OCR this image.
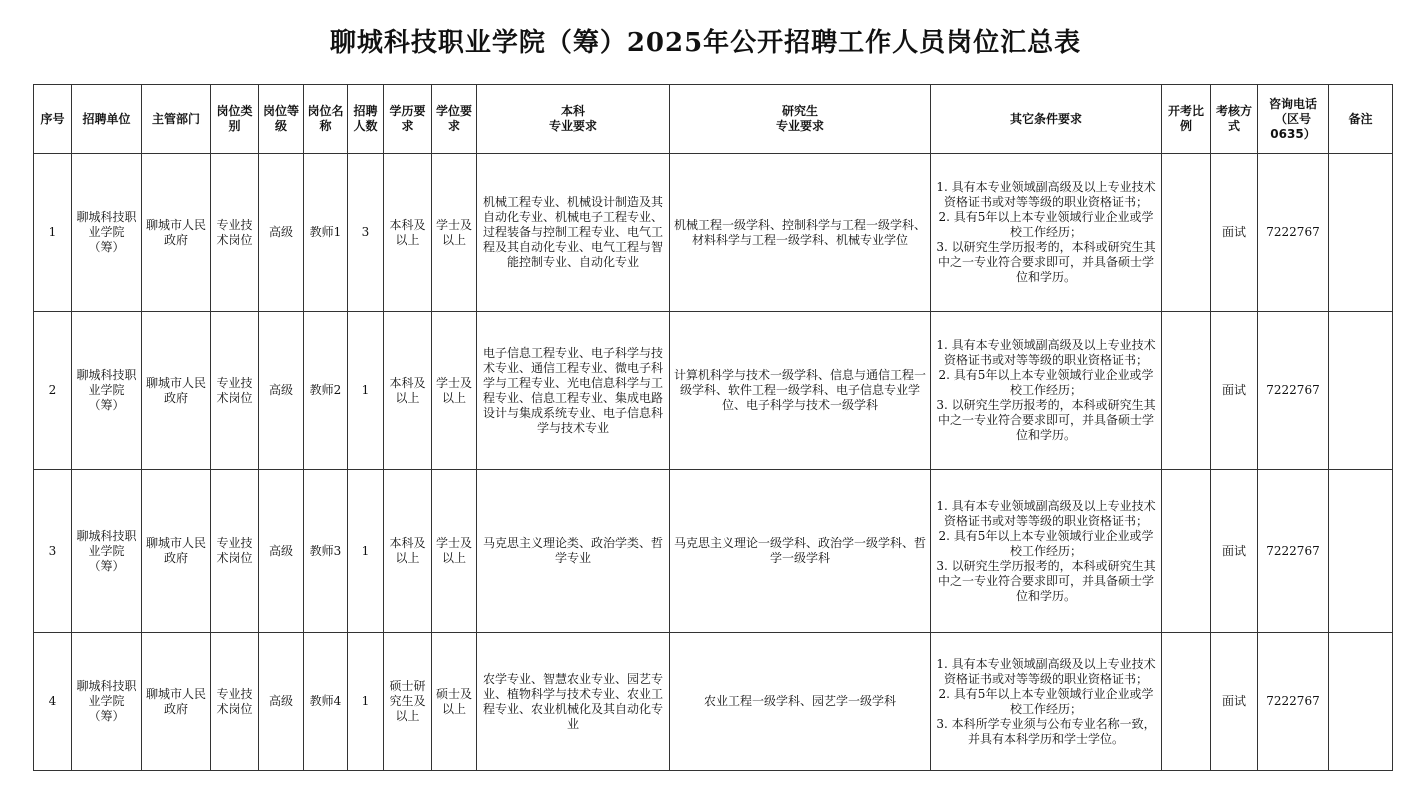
聊城科技职业学院（筹）2025年公开招聘工作人员岗位汇总表
序号	招聘单位	主管部门	岗位类别	岗位等级	岗位名称	招聘人数	学历要求	学位要求	本科
专业要求	研究生
专业要求	其它条件要求	开考比例	考核方式	咨询电话（区号0635）	备注
1	聊城科技职业学院（筹）	聊城市人民政府	专业技术岗位	高级	教师1	3	本科及以上	学士及以上	机械工程专业、机械设计制造及其自动化专业、机械电子工程专业、过程装备与控制工程专业、电气工程及其自动化专业、电气工程与智能控制专业、自动化专业	机械工程一级学科、控制科学与工程一级学科、材料科学与工程一级学科、机械专业学位	1. 具有本专业领域副高级及以上专业技术资格证书或对等等级的职业资格证书；
2. 具有5年以上本专业领域行业企业或学校工作经历；
3. 以研究生学历报考的，本科或研究生其中之一专业符合要求即可，并具备硕士学位和学历。		面试	7222767	
2	聊城科技职业学院（筹）	聊城市人民政府	专业技术岗位	高级	教师2	1	本科及以上	学士及以上	电子信息工程专业、电子科学与技术专业、通信工程专业、微电子科学与工程专业、光电信息科学与工程专业、信息工程专业、集成电路设计与集成系统专业、电子信息科学与技术专业	计算机科学与技术一级学科、信息与通信工程一级学科、软件工程一级学科、电子信息专业学位、电子科学与技术一级学科	1. 具有本专业领域副高级及以上专业技术资格证书或对等等级的职业资格证书；
2. 具有5年以上本专业领域行业企业或学校工作经历；
3. 以研究生学历报考的，本科或研究生其中之一专业符合要求即可，并具备硕士学位和学历。		面试	7222767	
3	聊城科技职业学院（筹）	聊城市人民政府	专业技术岗位	高级	教师3	1	本科及以上	学士及以上	马克思主义理论类、政治学类、哲学专业	马克思主义理论一级学科、政治学一级学科、哲学一级学科	1. 具有本专业领域副高级及以上专业技术资格证书或对等等级的职业资格证书；
2. 具有5年以上本专业领域行业企业或学校工作经历；
3. 以研究生学历报考的，本科或研究生其中之一专业符合要求即可，并具备硕士学位和学历。		面试	7222767	
4	聊城科技职业学院（筹）	聊城市人民政府	专业技术岗位	高级	教师4	1	硕士研究生及以上	硕士及以上	农学专业、智慧农业专业、园艺专业、植物科学与技术专业、农业工程专业、农业机械化及其自动化专业	农业工程一级学科、园艺学一级学科	1. 具有本专业领域副高级及以上专业技术资格证书或对等等级的职业资格证书；
2. 具有5年以上本专业领域行业企业或学校工作经历；
3. 本科所学专业须与公布专业名称一致，并具有本科学历和学士学位。		面试	7222767	
